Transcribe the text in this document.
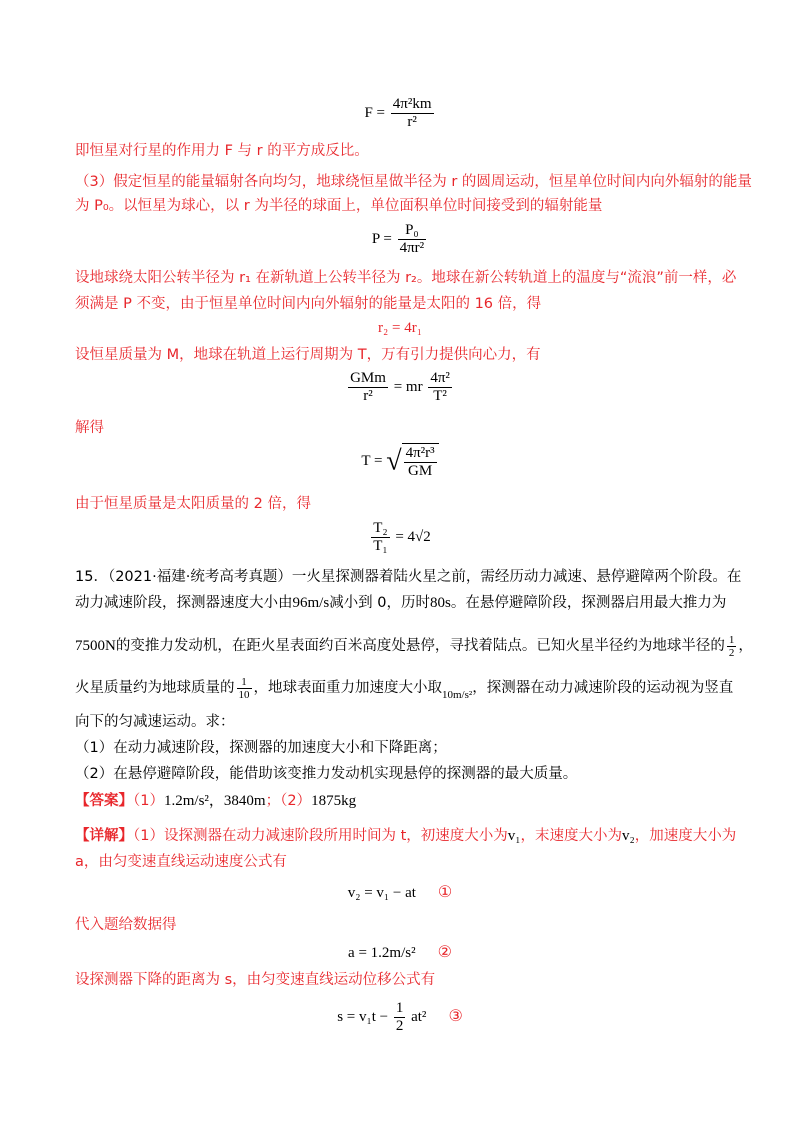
$F = \frac{\text{4π²km}}{\text{r²}}$
即恒星对行星的作用力 F 与 r 的平方成反比。
（3）假定恒星的能量辐射各向均匀，地球绕恒星做半径为 r 的圆周运动，恒星单位时间内向外辐射的能量
为 P₀。以恒星为球心，以 r 为半径的球面上，单位面积单位时间接受到的辐射能量
$P = \frac{\text{P₀}}{\text{4πr²}}$
设地球绕太阳公转半径为 r₁ 在新轨道上公转半径为 r₂。地球在新公转轨道上的温度与“流浪”前一样，必
须满是 P 不变，由于恒星单位时间内向外辐射的能量是太阳的 16 倍，得
r₂ = 4r₁
设恒星质量为 M，地球在轨道上运行周期为 T，万有引力提供向心力，有
$\frac{\text{GMm}}{\text{r²}}$ = mr $\frac{\text{4π²}}{\text{T²}}$
解得
T = √ $\frac{\text{4π²r³}}{GM}$
由于恒星质量是太阳质量的 2 倍，得
$\frac{\text{T₂}}{\text{T₁}} = 4√2$
15．（2021·福建·统考高考真题）一火星探测器着陆火星之前，需经历动力减速、悬停避障两个阶段。在
动力减速阶段，探测器速度大小由96m/s减小到 0，历时80s。在悬停避障阶段，探测器启用最大推力为
7500N的变推力发动机，在距火星表面约百米高度处悬停，寻找着陆点。已知火星半径约为地球半径的 $\frac{1}{2}$ ，
火星质量约为地球质量的 $\frac{1}{10}$ ，地球表面重力加速度大小取$_{10m/s^2}$，探测器在动力减速阶段的运动视为竖直
向下的匀减速运动。求：
（1）在动力减速阶段，探测器的加速度大小和下降距离；
（2）在悬停避障阶段，能借助该变推力发动机实现悬停的探测器的最大质量。
【答案】（1）1.2m/s²，3840m；（2）1875kg
【详解】（1）设探测器在动力减速阶段所用时间为 t，初速度大小为v₁，末速度大小为v₂，加速度大小为
a，由匀变速直线运动速度公式有
v₂ = v₁ − at ①
代入题给数据得
a = 1.2m/s² ②
设探测器下降的距离为 s，由匀变速直线运动位移公式有
$s = v_1t - \frac{1}{2} at^2$ ③
